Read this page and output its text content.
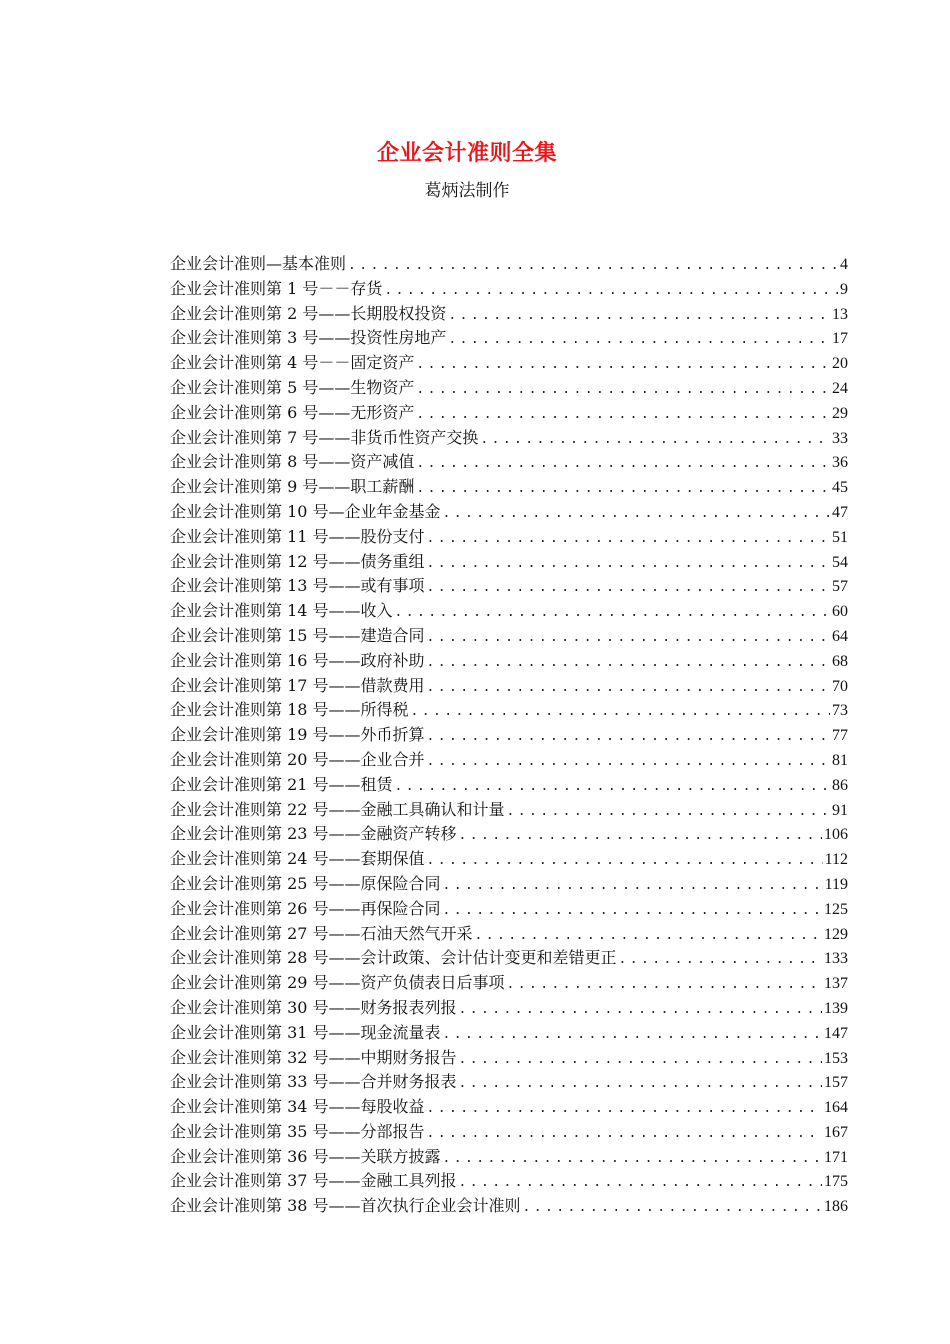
企业会计准则全集
葛炳法制作
企业会计准则—基本准则 .....	4
企业会计准则第 1 号－－存货 .....	9
企业会计准则第 2 号——长期股权投资 .....	13
企业会计准则第 3 号——投资性房地产 .....	17
企业会计准则第 4 号－－固定资产 .....	20
企业会计准则第 5 号——生物资产 .....	24
企业会计准则第 6 号——无形资产 .....	29
企业会计准则第 7 号——非货币性资产交换 .....	33
企业会计准则第 8 号——资产减值 .....	36
企业会计准则第 9 号——职工薪酬 .....	45
企业会计准则第 10 号—企业年金基金 .....	47
企业会计准则第 11 号——股份支付 .....	51
企业会计准则第 12 号——债务重组 .....	54
企业会计准则第 13 号——或有事项 .....	57
企业会计准则第 14 号——收入 .....	60
企业会计准则第 15 号——建造合同 .....	64
企业会计准则第 16 号——政府补助 .....	68
企业会计准则第 17 号——借款费用 .....	70
企业会计准则第 18 号——所得税 .....	73
企业会计准则第 19 号——外币折算 .....	77
企业会计准则第 20 号——企业合并 .....	81
企业会计准则第 21 号——租赁 .....	86
企业会计准则第 22 号——金融工具确认和计量 .....	91
企业会计准则第 23 号——金融资产转移 .....	106
企业会计准则第 24 号——套期保值 .....	112
企业会计准则第 25 号——原保险合同 .....	119
企业会计准则第 26 号——再保险合同 .....	125
企业会计准则第 27 号——石油天然气开采 .....	129
企业会计准则第 28 号——会计政策、会计估计变更和差错更正 .....	133
企业会计准则第 29 号——资产负债表日后事项 .....	137
企业会计准则第 30 号——财务报表列报 .....	139
企业会计准则第 31 号——现金流量表 .....	147
企业会计准则第 32 号——中期财务报告 .....	153
企业会计准则第 33 号——合并财务报表 .....	157
企业会计准则第 34 号——每股收益 .....	164
企业会计准则第 35 号——分部报告 .....	167
企业会计准则第 36 号——关联方披露 .....	171
企业会计准则第 37 号——金融工具列报 .....	175
企业会计准则第 38 号——首次执行企业会计准则 .....	186
